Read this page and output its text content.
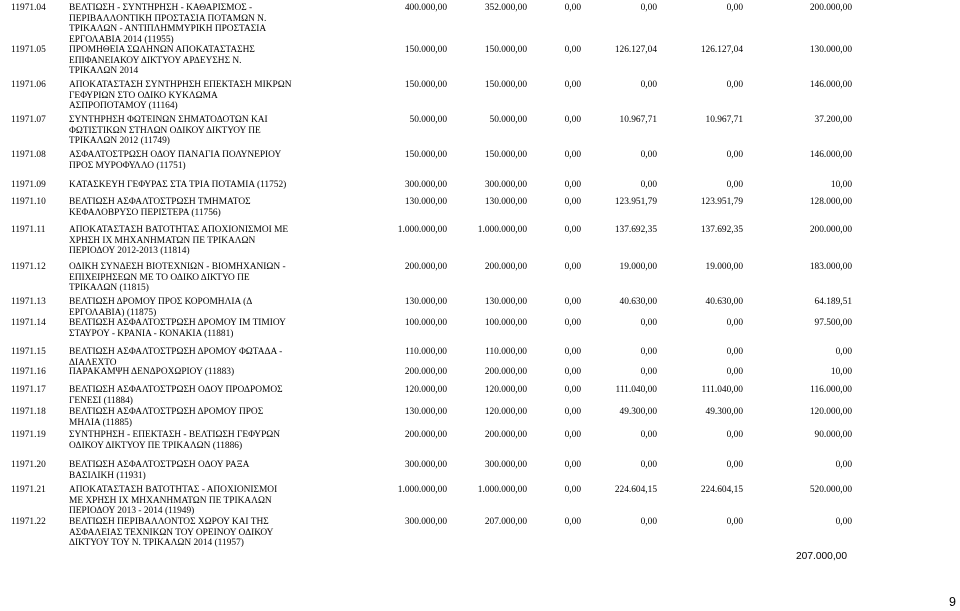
11971.04 ΒΕΛΤΙΩΣΗ - ΣΥΝΤΗΡΗΣΗ - ΚΑΘΑΡΙΣΜΟΣ -
ΠΕΡΙΒΑΛΛΟΝΤΙΚΗ ΠΡΟΣΤΑΣΙΑ ΠΟΤΑΜΩΝ Ν.
ΤΡΙΚΑΛΩΝ - ΑΝΤΙΠΛΗΜΜΥΡΙΚΗ ΠΡΟΣΤΑΣΙΑ
ΕΡΓΟΛΑΒΙΑ 2014 (11955)
400.000,00	352.000,00	0,00	0,00	0,00	200.000,00
11971.05 ΠΡΟΜΗΘΕΙΑ ΣΩΛΗΝΩΝ ΑΠΟΚΑΤΑΣΤΑΣΗΣ
ΕΠΙΦΑΝΕΙΑΚΟΥ ΔΙΚΤΥΟΥ ΑΡΔΕΥΣΗΣ Ν.
ΤΡΙΚΑΛΩΝ 2014
150.000,00	150.000,00	0,00	126.127,04	126.127,04	130.000,00
11971.06 ΑΠΟΚΑΤΑΣΤΑΣΗ ΣΥΝΤΗΡΗΣΗ ΕΠΕΚΤΑΣΗ ΜΙΚΡΩΝ
ΓΕΦΥΡΙΩΝ ΣΤΟ ΟΔΙΚΟ ΚΥΚΛΩΜΑ
ΑΣΠΡΟΠΟΤΑΜΟΥ (11164)
150.000,00	150.000,00	0,00	0,00	0,00	146.000,00
11971.07 ΣΥΝΤΗΡΗΣΗ ΦΩΤΕΙΝΩΝ ΣΗΜΑΤΟΔΟΤΩΝ ΚΑΙ
ΦΩΤΙΣΤΙΚΩΝ ΣΤΗΛΩΝ ΟΔΙΚΟΥ ΔΙΚΤΥΟΥ ΠΕ
ΤΡΙΚΑΛΩΝ 2012 (11749)
50.000,00	50.000,00	0,00	10.967,71	10.967,71	37.200,00
11971.08 ΑΣΦΑΛΤΟΣΤΡΩΣΗ ΟΔΟΥ ΠΑΝΑΓΙΑ ΠΟΛΥΝΕΡΙΟΥ
ΠΡΟΣ ΜΥΡΟΦΥΛΛΟ (11751)
150.000,00	150.000,00	0,00	0,00	0,00	146.000,00
11971.09 ΚΑΤΑΣΚΕΥΗ ΓΕΦΥΡΑΣ ΣΤΑ ΤΡΙΑ ΠΟΤΑΜΙΑ (11752)	300.000,00	300.000,00	0,00	0,00	0,00	10,00
11971.10 ΒΕΛΤΙΩΣΗ ΑΣΦΑΛΤΟΣΤΡΩΣΗ ΤΜΗΜΑΤΟΣ
ΚΕΦΑΛΟΒΡΥΣΟ ΠΕΡΙΣΤΕΡΑ (11756)
130.000,00	130.000,00	0,00	123.951,79	123.951,79	128.000,00
11971.11	ΑΠΟΚΑΤΑΣΤΑΣΗ ΒΑΤΟΤΗΤΑΣ ΑΠΟΧΙΟΝΙΣΜΟΙ ΜΕ
ΧΡΗΣΗ ΙΧ ΜΗΧΑΝΗΜΑΤΩΝ ΠΕ ΤΡΙΚΑΛΩΝ
ΠΕΡΙΟΔΟΥ 2012-2013 (11814)
1.000.000,00	1.000.000,00	0,00	137.692,35	137.692,35	200.000,00
11971.12 ΟΔΙΚΗ ΣΥΝΔΕΣΗ ΒΙΟΤΕΧΝΙΩΝ - ΒΙΟΜΗΧΑΝΙΩΝ -
ΕΠΙΧΕΙΡΗΣΕΩΝ ΜΕ ΤΟ ΟΔΙΚΟ ΔΙΚΤΥΟ ΠΕ
ΤΡΙΚΑΛΩΝ (11815)
200.000,00	200.000,00	0,00	19.000,00	19.000,00	183.000,00
11971.13 ΒΕΛΤΙΩΣΗ ΔΡΟΜΟΥ ΠΡΟΣ ΚΟΡΟΜΗΛΙΑ (Δ
ΕΡΓΟΛΑΒΙΑ) (11875)
130.000,00	130.000,00	0,00	40.630,00	40.630,00	64.189,51
11971.14 ΒΕΛΤΙΩΣΗ ΑΣΦΑΛΤΟΣΤΡΩΣΗ ΔΡΟΜΟΥ ΙΜ ΤΙΜΙΟΥ
ΣΤΑΥΡΟΥ - ΚΡΑΝΙΑ - ΚΟΝΑΚΙΑ (11881)
100.000,00	100.000,00	0,00	0,00	0,00	97.500,00
11971.15 ΒΕΛΤΙΩΣΗ ΑΣΦΑΛΤΟΣΤΡΩΣΗ ΔΡΟΜΟΥ ΦΩΤΑΔΑ -
ΔΙΑΛΕΧΤΟ
110.000,00	110.000,00	0,00	0,00	0,00	0,00
11971.16 ΠΑΡΑΚΑΜΨΗ ΔΕΝΔΡΟΧΩΡΙΟΥ (11883)	200.000,00	200.000,00	0,00	0,00	0,00	10,00
11971.17 ΒΕΛΤΙΩΣΗ ΑΣΦΑΛΤΟΣΤΡΩΣΗ ΟΔΟΥ ΠΡΟΔΡΟΜΟΣ
ΓΕΝΕΣΙ (11884)
120.000,00	120.000,00	0,00	111.040,00	111.040,00	116.000,00
11971.18 ΒΕΛΤΙΩΣΗ ΑΣΦΑΛΤΟΣΤΡΩΣΗ ΔΡΟΜΟΥ ΠΡΟΣ
ΜΗΛΙΑ (11885)
130.000,00	120.000,00	0,00	49.300,00	49.300,00	120.000,00
11971.19 ΣΥΝΤΗΡΗΣΗ - ΕΠΕΚΤΑΣΗ - ΒΕΛΤΙΩΣΗ ΓΕΦΥΡΩΝ
ΟΔΙΚΟΥ ΔΙΚΤΥΟΥ ΠΕ ΤΡΙΚΑΛΩΝ (11886)
200.000,00	200.000,00	0,00	0,00	0,00	90.000,00
11971.20 ΒΕΛΤΙΩΣΗ ΑΣΦΑΛΤΟΣΤΡΩΣΗ ΟΔΟΥ ΡΑΞΑ
ΒΑΣΙΛΙΚΗ (11931)
300.000,00	300.000,00	0,00	0,00	0,00	0,00
11971.21 ΑΠΟΚΑΤΑΣΤΑΣΗ ΒΑΤΟΤΗΤΑΣ - ΑΠΟΧΙΟΝΙΣΜΟΙ
ΜΕ ΧΡΗΣΗ ΙΧ ΜΗΧΑΝΗΜΑΤΩΝ ΠΕ ΤΡΙΚΑΛΩΝ
ΠΕΡΙΟΔΟΥ 2013 - 2014 (11949)
1.000.000,00	1.000.000,00	0,00	224.604,15	224.604,15	520.000,00
11971.22 ΒΕΛΤΙΩΣΗ ΠΕΡΙΒΑΛΛΟΝΤΟΣ ΧΩΡΟΥ ΚΑΙ ΤΗΣ
ΑΣΦΑΛΕΙΑΣ ΤΕΧΝΙΚΩΝ ΤΟΥ ΟΡΕΙΝΟΥ ΟΔΙΚΟΥ
ΔΙΚΤΥΟΥ ΤΟΥ Ν. ΤΡΙΚΑΛΩΝ 2014 (11957)
300.000,00	207.000,00	0,00	0,00	0,00	0,00
207.000,00
9
